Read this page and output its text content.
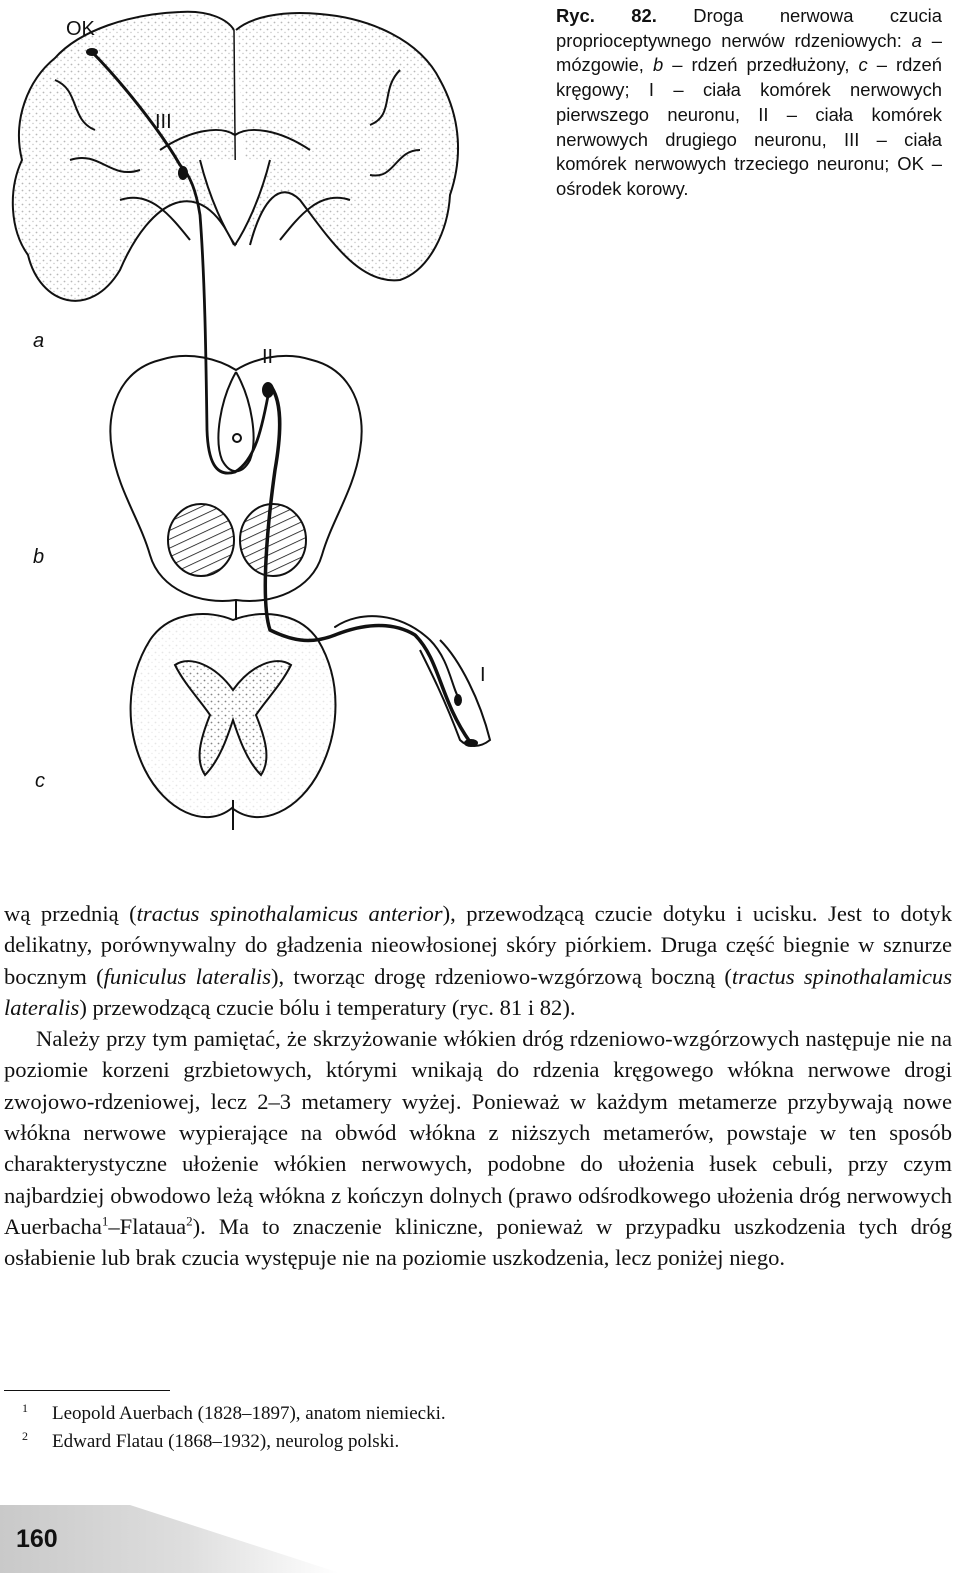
OK
III
II
I
a
b
c
Ryc. 82. Droga nerwowa czucia proprioceptywnego nerwów rdzeniowych: a – mózgowie, b – rdzeń przedłużony, c – rdzeń kręgowy; I – ciała komórek nerwowych pierwszego neuronu, II – ciała komórek nerwowych drugiego neuronu, III – ciała komórek nerwowych trzeciego neuronu; OK – ośrodek korowy.

wą przednią (tractus spinothalamicus anterior), przewodzącą czucie dotyku i ucisku. Jest to dotyk delikatny, porównywalny do gładzenia nieowłosionej skóry piórkiem. Druga część biegnie w sznurze bocznym (funiculus lateralis), tworząc drogę rdzeniowo-wzgórzową boczną (tractus spinothalamicus lateralis) przewodzącą czucie bólu i temperatury (ryc. 81 i 82).

Należy przy tym pamiętać, że skrzyżowanie włókien dróg rdzeniowo-wzgórzowych następuje nie na poziomie korzeni grzbietowych, którymi wnikają do rdzenia kręgowego włókna nerwowe drogi zwojowo-rdzeniowej, lecz 2–3 metamery wyżej. Ponieważ w każdym metamerze przybywają nowe włókna nerwowe wypierające na obwód włókna z niższych metamerów, powstaje w ten sposób charakterystyczne ułożenie włókien nerwowych, podobne do ułożenia łusek cebuli, przy czym najbardziej obwodowo leżą włókna z kończyn dolnych (prawo odśrodkowego ułożenia dróg nerwowych Auerbacha$^1$–Flataua$^2$). Ma to znaczenie kliniczne, ponieważ w przypadku uszkodzenia tych dróg osłabienie lub brak czucia występuje nie na poziomie uszkodzenia, lecz poniżej niego.

1 Leopold Auerbach (1828–1897), anatom niemiecki.
2 Edward Flatau (1868–1932), neurolog polski.
160
